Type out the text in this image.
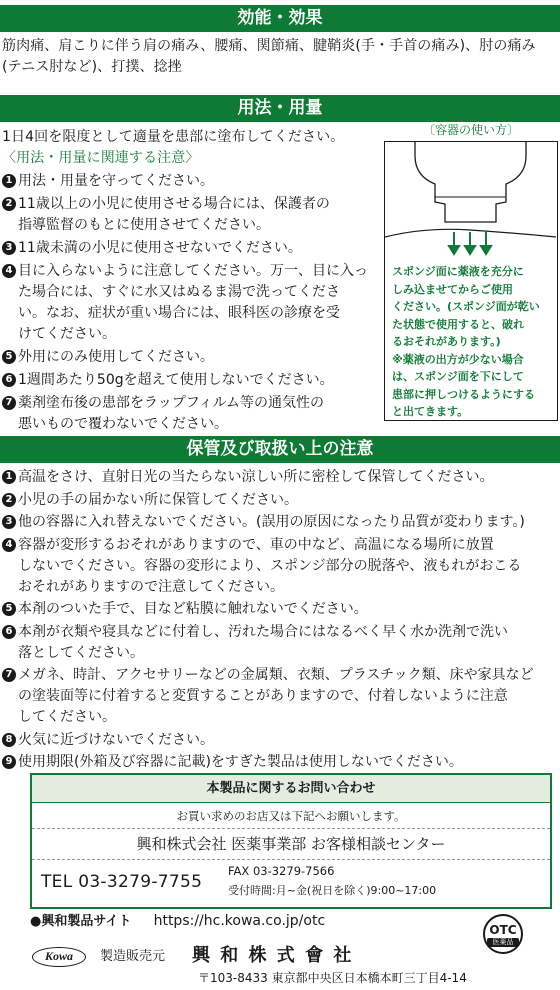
効能・効果
筋肉痛、肩こりに伴う肩の痛み、腰痛、関節痛、腱鞘炎(手・手首の痛み)、肘の痛み
(テニス肘など)、打撲、捻挫
用法・用量
1日4回を限度として適量を患部に塗布してください。
〈用法・用量に関連する注意〉
1 用法・用量を守ってください。
2 11歳以上の小児に使用させる場合には、保護者の
指導監督のもとに使用させてください。
3 11歳未満の小児に使用させないでください。
4 目に入らないように注意してください。万一、目に入っ
た場合には、すぐに水又はぬるま湯で洗ってくださ
い。なお、症状が重い場合には、眼科医の診療を受
けてください。
5 外用にのみ使用してください。
6 1週間あたり50gを超えて使用しないでください。
7 薬剤塗布後の患部をラップフィルム等の通気性の
悪いもので覆わないでください。
〔容器の使い方〕
スポンジ面に薬液を充分に
しみ込ませてからご使用
ください。(スポンジ面が乾い
た状態で使用すると、破れ
るおそれがあります。)
※薬液の出方が少ない場合
は、スポンジ面を下にして
患部に押しつけるようにする
と出てきます。
保管及び取扱い上の注意
1 高温をさけ、直射日光の当たらない涼しい所に密栓して保管してください。
2 小児の手の届かない所に保管してください。
3 他の容器に入れ替えないでください。(誤用の原因になったり品質が変わります。)
4 容器が変形するおそれがありますので、車の中など、高温になる場所に放置
しないでください。容器の変形により、スポンジ部分の脱落や、液もれがおこる
おそれがありますので注意してください。
5 本剤のついた手で、目など粘膜に触れないでください。
6 本剤が衣類や寝具などに付着し、汚れた場合にはなるべく早く水か洗剤で洗い
落としてください。
7 メガネ、時計、アクセサリーなどの金属類、衣類、プラスチック類、床や家具など
の塗装面等に付着すると変質することがありますので、付着しないように注意
してください。
8 火気に近づけないでください。
9 使用期限(外箱及び容器に記載)をすぎた製品は使用しないでください。
本製品に関するお問い合わせ
お買い求めのお店又は下記へお願いします。
興和株式会社 医薬事業部 お客様相談センター
TEL 03-3279-7755
FAX 03-3279-7566
受付時間:月~金(祝日を除く)9:00~17:00
●興和製品サイト https://hc.kowa.co.jp/otc
OTC
医薬品
Kowa	製造販売元 興 和 株 式 會 社
〒103-8433 東京都中央区日本橋本町三丁目4-14
